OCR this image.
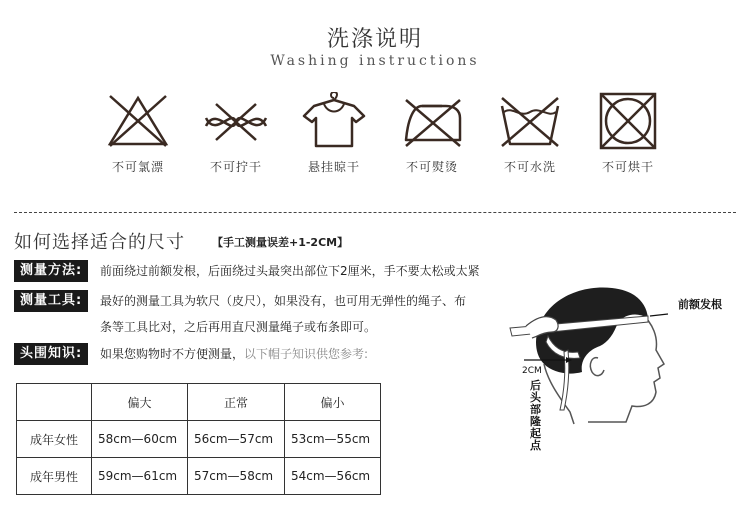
洗涤说明
Washing instructions
不可氯漂	不可拧干	悬挂晾干	不可熨烫	不可水洗	不可烘干
如何选择适合的尺寸 【手工测量误差+1-2CM】
测量方法:	前面绕过前额发根，后面绕过头最突出部位下2厘米，手不要太松或太紧
测量工具:	最好的测量工具为软尺（皮尺），如果没有，也可用无弹性的绳子、布
条等工具比对，之后再用直尺测量绳子或布条即可。
头围知识:	如果您购物时不方便测量，以下帽子知识供您参考:
	偏大	正常	偏小
成年女性	58cm—60cm	56cm—57cm	53cm—55cm
成年男性	59cm—61cm	57cm—58cm	54cm—56cm
前额发根
2CM
后头部隆起点
